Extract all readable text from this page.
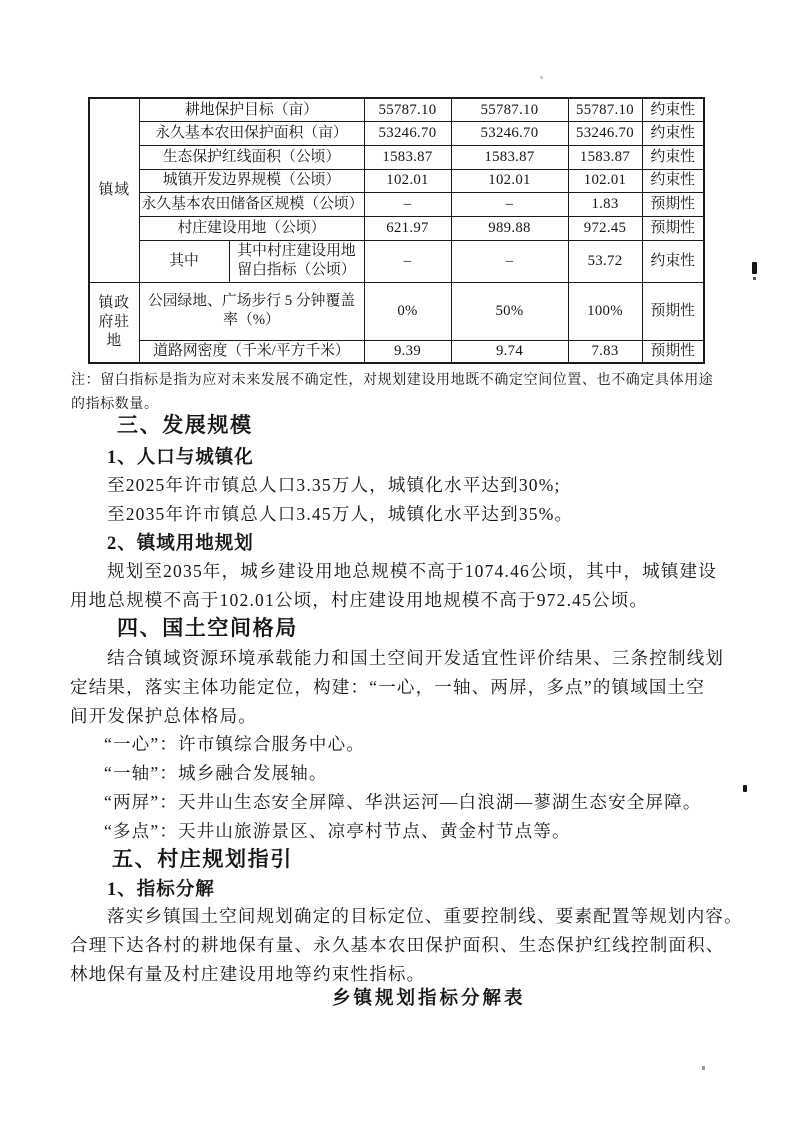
镇域	耕地保护目标（亩）		55787.10	55787.10	55787.10	约束性
	永久基本农田保护面积（亩）		53246.70	53246.70	53246.70	约束性
	生态保护红线面积（公顷）		1583.87	1583.87	1583.87	约束性
	城镇开发边界规模（公顷）		102.01	102.01	102.01	约束性
	永久基本农田储备区规模（公顷）		–	–	1.83	预期性
	村庄建设用地（公顷）		621.97	989.88	972.45	预期性
	其中	其中村庄建设用地留白指标（公顷）	–	–	53.72	约束性
镇政府驻地	公园绿地、广场步行 5 分钟覆盖率（%）		0%	50%	100%	预期性
	道路网密度（千米/平方千米）		9.39	9.74	7.83	预期性
注：留白指标是指为应对未来发展不确定性，对规划建设用地既不确定空间位置、也不确定具体用途
的指标数量。
三、发展规模
1、人口与城镇化
至2025年许市镇总人口3.35万人，城镇化水平达到30%;
至2035年许市镇总人口3.45万人，城镇化水平达到35%。
2、镇域用地规划
规划至2035年，城乡建设用地总规模不高于1074.46公顷，其中，城镇建设
用地总规模不高于102.01公顷，村庄建设用地规模不高于972.45公顷。
四、国土空间格局
结合镇域资源环境承载能力和国土空间开发适宜性评价结果、三条控制线划
定结果，落实主体功能定位，构建：“一心，一轴、两屏，多点”的镇域国土空
间开发保护总体格局。
“一心”：许市镇综合服务中心。
“一轴”：城乡融合发展轴。
“两屏”：天井山生态安全屏障、华洪运河—白浪湖—蓼湖生态安全屏障。
“多点”：天井山旅游景区、凉亭村节点、黄金村节点等。
五、村庄规划指引
1、指标分解
落实乡镇国土空间规划确定的目标定位、重要控制线、要素配置等规划内容。
合理下达各村的耕地保有量、永久基本农田保护面积、生态保护红线控制面积、
林地保有量及村庄建设用地等约束性指标。
乡镇规划指标分解表
